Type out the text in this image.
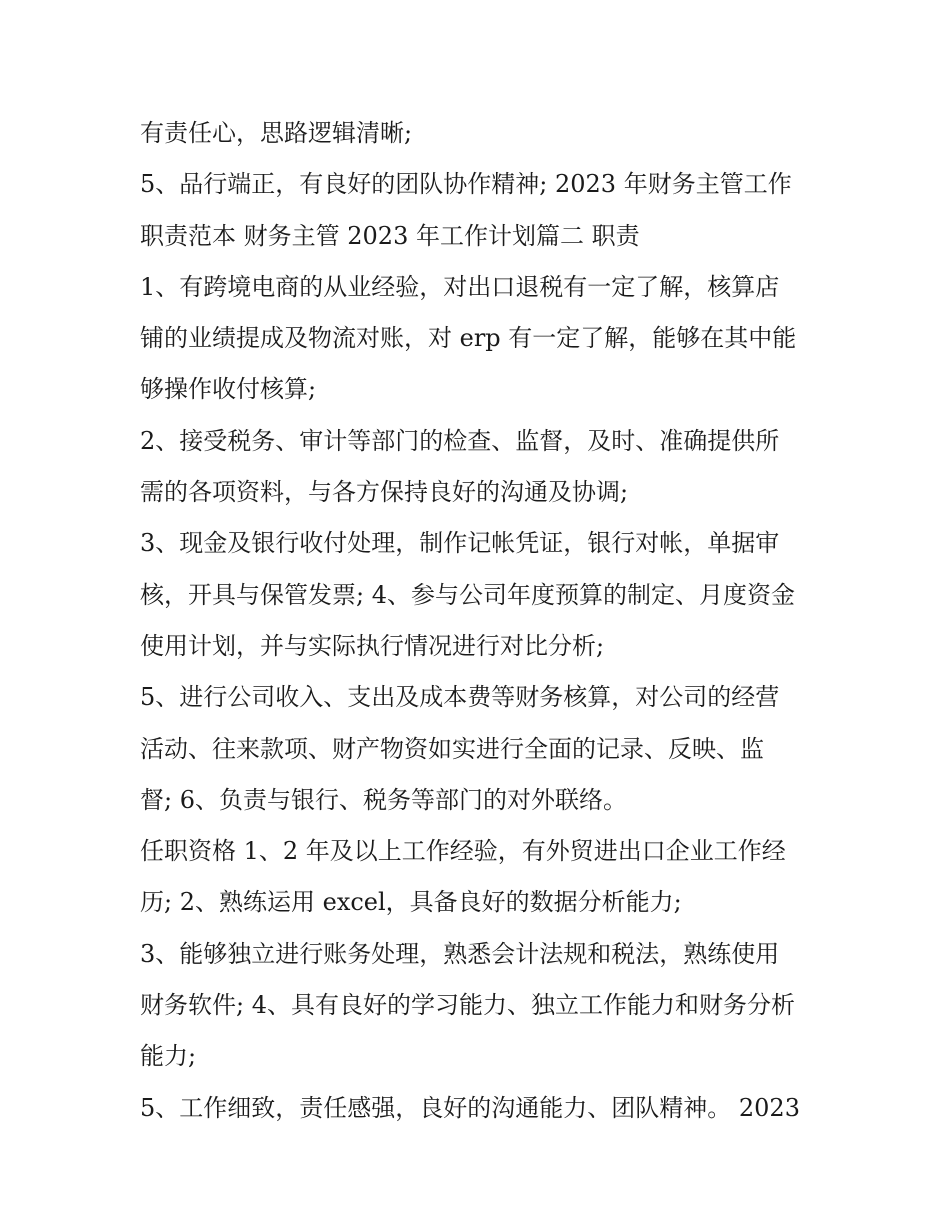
有责任心，思路逻辑清晰;
5、品行端正，有良好的团队协作精神; 2023 年财务主管工作
职责范本 财务主管 2023 年工作计划篇二 职责
1、有跨境电商的从业经验，对出口退税有一定了解，核算店
铺的业绩提成及物流对账，对 erp 有一定了解，能够在其中能
够操作收付核算;
2、接受税务、审计等部门的检查、监督，及时、准确提供所
需的各项资料，与各方保持良好的沟通及协调;
3、现金及银行收付处理，制作记帐凭证，银行对帐，单据审
核，开具与保管发票; 4、参与公司年度预算的制定、月度资金
使用计划，并与实际执行情况进行对比分析;
5、进行公司收入、支出及成本费等财务核算，对公司的经营
活动、往来款项、财产物资如实进行全面的记录、反映、监
督; 6、负责与银行、税务等部门的对外联络。
任职资格 1、2 年及以上工作经验，有外贸进出口企业工作经
历; 2、熟练运用 excel，具备良好的数据分析能力;
3、能够独立进行账务处理，熟悉会计法规和税法，熟练使用
财务软件; 4、具有良好的学习能力、独立工作能力和财务分析
能力;
5、工作细致，责任感强，良好的沟通能力、团队精神。 2023
